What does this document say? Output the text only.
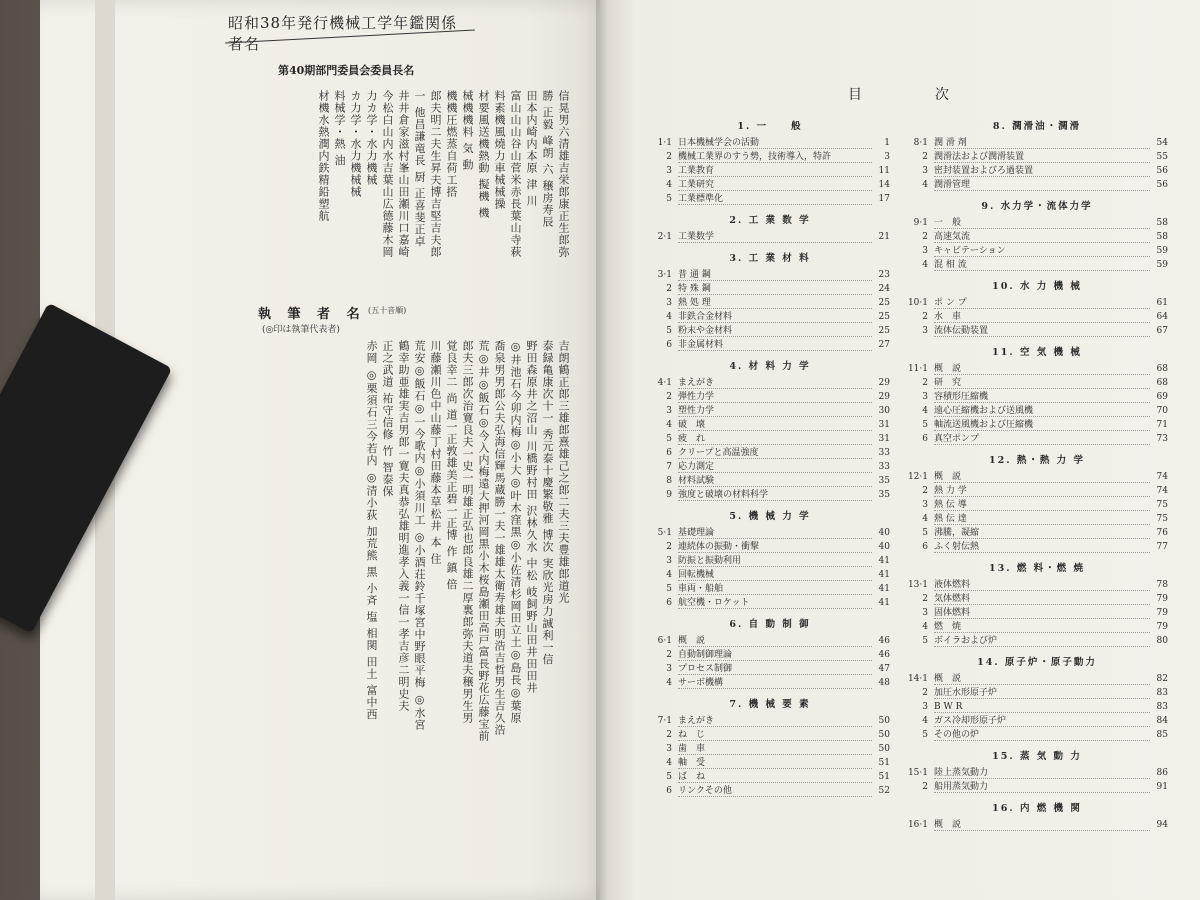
昭和38年発行機械工学年鑑関係者名
第40期部門委員会委員長名
信晃男六清雄吉栄郎康正生郎弥
勝 正毅 峰朗 六 穣房寿辰
田本内崎内本原 津 川
富山山山谷山菅米赤長葉山寺萩
料素機風燒力車械械操
材要風送機熱動 擬機 機
械機機料 気 動
機機圧燃蒸自荷工搭
郎夫明二夫生昇夫博吉堅吉夫郎
一 他昌謙竜長 厨 正喜斐正卓
井井倉家滋村峯山田瀬川口嘉崎
今松白山内水吉葉山広德藤木岡
力カ学・水力機械
カ力学・水力機械械
料械学・熱 油
材機水熱潤内鉄精鉛塑航
執 筆 者 名 (五十音順)
(◎印は執筆代表者)
吉朗鶴正郎三雄郎熹雄己之郎二夫三夫豊雄郎道光
泰録亀康次十一 秀元泰十慶繁敬雅 博次 実欣光房力誠利一信
野田森原井之沼山 川橋野村田 沢林久水 中松 岐飼野山田井田田井
◎井池石今卯内梅◎小大◎叶木窪黒◎小佐清杉岡田立土◎島長◎葉原
喬泉男男郎公夫弘海信輝馬蔵勝一夫一雄雄太衛寿雄夫明浩吉哲男生吉久浩
荒◎井◎飯石◎今入内梅遠大押河岡黒小木桜島瀬田高戸富長野花広藤宝前
郎夫三郎次治寛良夫一史一明雄正弘也郎良雄二厚裏郎弥夫道夫穣男生男
覚良幸二 尚 道一正敦雄美正碧一正博 作 鎮 倍
川藤瀬川色中山藤丁村田藤本草松井 本 住
荒安◎飯石◎一今歌内◎小須川工 ◎小酒荘鈴千塚宮中野眼平梅 ◎水宮
鶴幸助亜雄実吉男郎一寛夫真恭弘雄明進孝入義一信一孝吉彦二明史夫
正之武道 祐守信修 竹 智泰保
赤岡 ◎栗須石三今若内 ◎清小荻 加荒熊 黒 小斉 塩 相関 田土 富中西
目	次
1. 一　　般
1·1 日本機械学会の活動	1
2 機械工業界のすう勢，技術導入，特許	3
3 工業教育	11
4 工業研究	14
5 工業標準化	17
2. 工 業 数 学
2·1 工業数学	21
3. 工 業 材 料
3·1 普 通 鋼	23
2 特 殊 鋼	24
3 熱 処 理	25
4 非鉄合金材料	25
5 粉末や金材料	25
6 非金属材料	27
4. 材 料 力 学
4·1 まえがき	29
2 弾性力学	29
3 塑性力学	30
4 破　壊	31
5 疲　れ	31
6 クリープと高温強度	33
7 応力測定	33
8 材料試験	35
9 強度と破壊の材料科学	35
5. 機 械 力 学
5·1 基礎理論	40
2 連続体の振動・衝撃	40
3 防振と振動利用	41
4 回転機械	41
5 車両・船舶	41
6 航空機・ロケット	41
6. 自 動 制 御
6·1 概　説	46
2 自動制御理論	46
3 プロセス制御	47
4 サーボ機構	48
7. 機 械 要 素
7·1 まえがき	50
2 ね　じ	50
3 歯　車	50
4 軸　受	51
5 ば　ね	51
6 リンクその他	52
8. 潤滑油・潤滑
8·1 潤 滑 剤	54
2 潤滑法および潤滑装置	55
3 密封装置およびろ過装置	56
4 潤滑管理	56
9. 水力学・流体力学
9·1 一　般	58
2 高速気流	58
3 キャビテーション	59
4 混 相 流	59
10. 水 力 機 械
10·1 ポ ン プ	61
2 水　車	64
3 流体伝動装置	67
11. 空 気 機 械
11·1 概　説	68
2 研　究	68
3 容積形圧縮機	69
4 遠心圧縮機および送風機	70
5 軸流送風機および圧縮機	71
6 真空ポンプ	73
12. 熱・熱 力 学
12·1 概　説	74
2 熱 力 学	74
3 熱 伝 導	75
4 熱 伝 達	75
5 沸騰，凝縮	76
6 ふく射伝熱	77
13. 燃 料・燃 焼
13·1 液体燃料	78
2 気体燃料	79
3 固体燃料	79
4 燃　焼	79
5 ボイラおよび炉	80
14. 原子炉・原子動力
14·1 概　説	82
2 加圧水形原子炉	83
3 B W R	83
4 ガス冷却形原子炉	84
5 その他の炉	85
15. 蒸 気 動 力
15·1 陸上蒸気動力	86
2 船用蒸気動力	91
16. 内 燃 機 関
16·1 概　説	94
